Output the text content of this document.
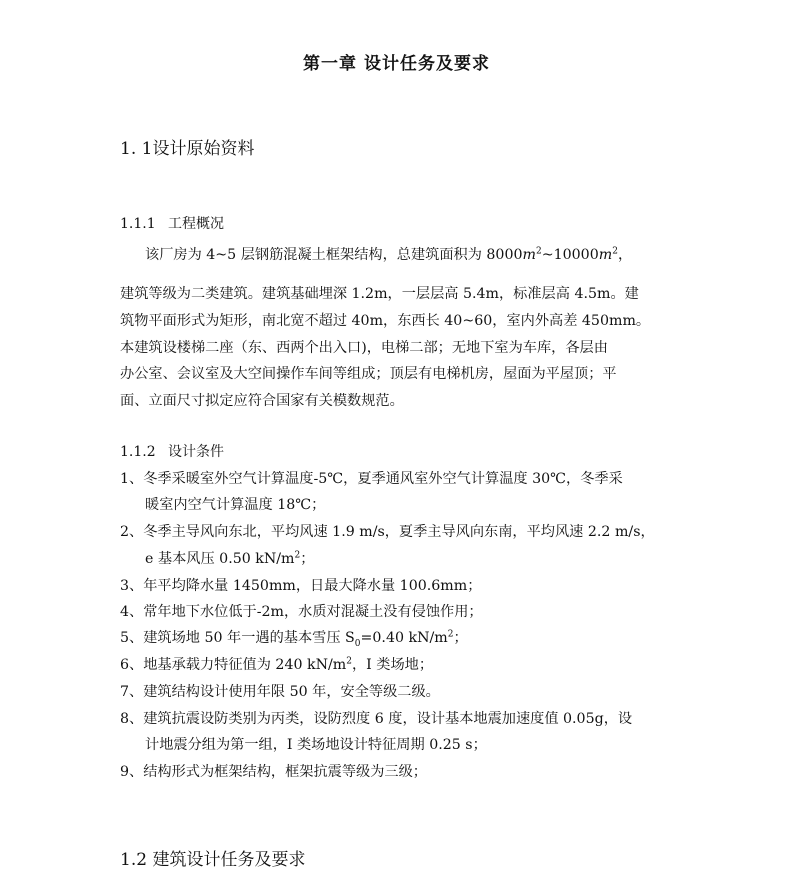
第一章 设计任务及要求
1. 1设计原始资料
1.1.1 工程概况
该厂房为 4~5 层钢筋混凝土框架结构，总建筑面积为 $8000m^2\sim 10000m^2$，
建筑等级为二类建筑。建筑基础埋深 1.2m，一层层高 5.4m，标准层高 4.5m。建
筑物平面形式为矩形，南北宽不超过 40m，东西长 40~60，室内外高差 450mm。
本建筑设楼梯二座（东、西两个出入口)，电梯二部；无地下室为车库，各层由
办公室、会议室及大空间操作车间等组成；顶层有电梯机房，屋面为平屋顶；平
面、立面尺寸拟定应符合国家有关模数规范。
1.1.2 设计条件
1、冬季采暖室外空气计算温度-5℃，夏季通风室外空气计算温度 30℃，冬季采
暖室内空气计算温度 18℃；
2、冬季主导风向东北，平均风速 1.9 m/s，夏季主导风向东南，平均风速 2.2 m/s，
e 基本风压 0.50 $kN/m^2$；
3、年平均降水量 1450mm，日最大降水量 100.6mm；
4、常年地下水位低于-2m，水质对混凝土没有侵蚀作用；
5、建筑场地 50 年一遇的基本雪压 $S_0=0.40$ $kN/m^2$；
6、地基承载力特征值为 240 $kN/m^2$，I 类场地；
7、建筑结构设计使用年限 50 年，安全等级二级。
8、建筑抗震设防类别为丙类，设防烈度 6 度，设计基本地震加速度值 0.05g，设
计地震分组为第一组，I 类场地设计特征周期 0.25 s；
9、结构形式为框架结构，框架抗震等级为三级；
1.2 建筑设计任务及要求
